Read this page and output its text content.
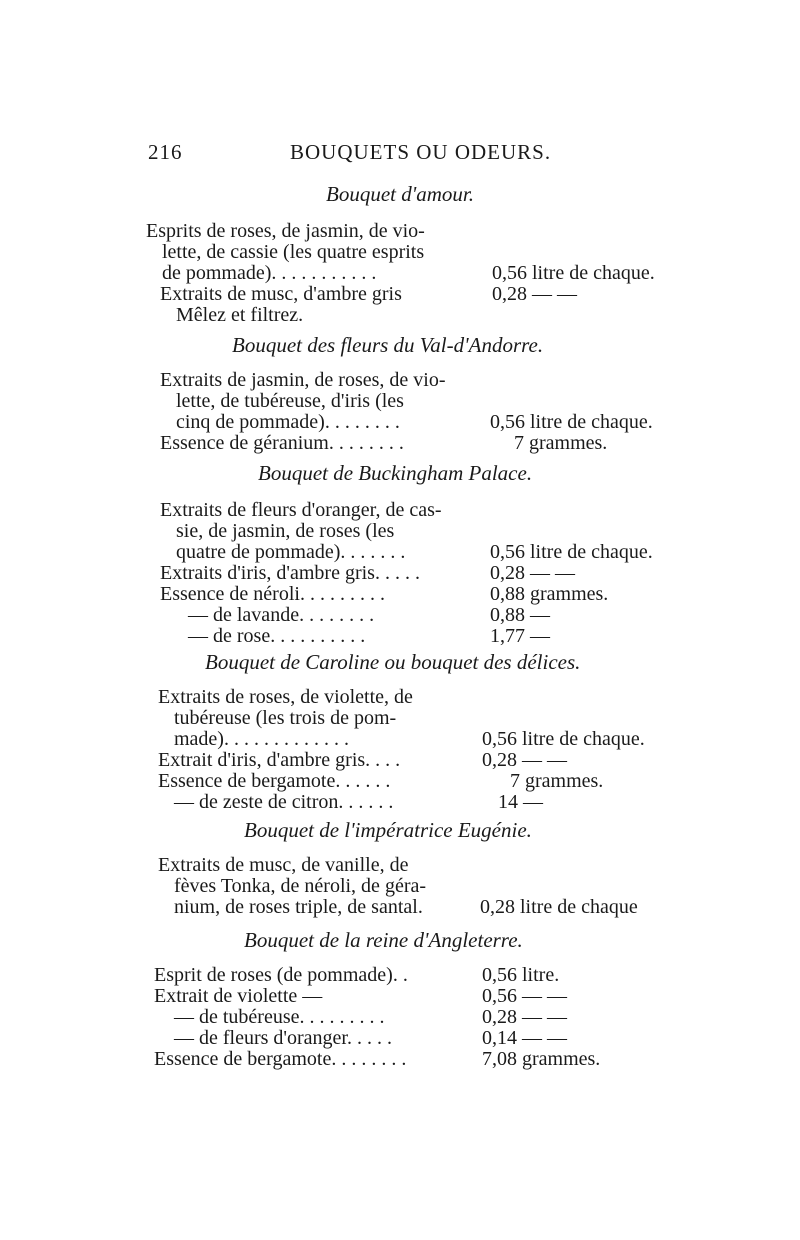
216	BOUQUETS OU ODEURS.
Bouquet d'amour.
Esprits de roses, de jasmin, de vio-
lette, de cassie (les quatre esprits
de pommade). . . . . . . . . . .
Extraits de musc, d'ambre gris
Mêlez et filtrez.
0,56 litre de chaque.
0,28 — —
Bouquet des fleurs du Val-d'Andorre.
Extraits de jasmin, de roses, de vio-
lette, de tubéreuse, d'iris (les
cinq de pommade). . . . . . . .
Essence de géranium. . . . . . . .
0,56 litre de chaque.
7 grammes.
Bouquet de Buckingham Palace.
Extraits de fleurs d'oranger, de cas-
sie, de jasmin, de roses (les
quatre de pommade). . . . . . .
Extraits d'iris, d'ambre gris. . . . .
Essence de néroli. . . . . . . . .
— de lavande. . . . . . . .
— de rose. . . . . . . . . .
0,56 litre de chaque.
0,28 — —
0,88 grammes.
0,88 —
1,77 —
Bouquet de Caroline ou bouquet des délices.
Extraits de roses, de violette, de
tubéreuse (les trois de pom-
made). . . . . . . . . . . . .
Extrait d'iris, d'ambre gris. . . .
Essence de bergamote. . . . . .
— de zeste de citron. . . . . .
0,56 litre de chaque.
0,28 — —
7 grammes.
14 —
Bouquet de l'impératrice Eugénie.
Extraits de musc, de vanille, de
fèves Tonka, de néroli, de géra-
nium, de roses triple, de santal.	0,28 litre de chaque
Bouquet de la reine d'Angleterre.
Esprit de roses (de pommade). .
Extrait de violette —
— de tubéreuse. . . . . . . . .
— de fleurs d'oranger. . . . .
Essence de bergamote. . . . . . . .
0,56 litre.
0,56 — —
0,28 — —
0,14 — —
7,08 grammes.
